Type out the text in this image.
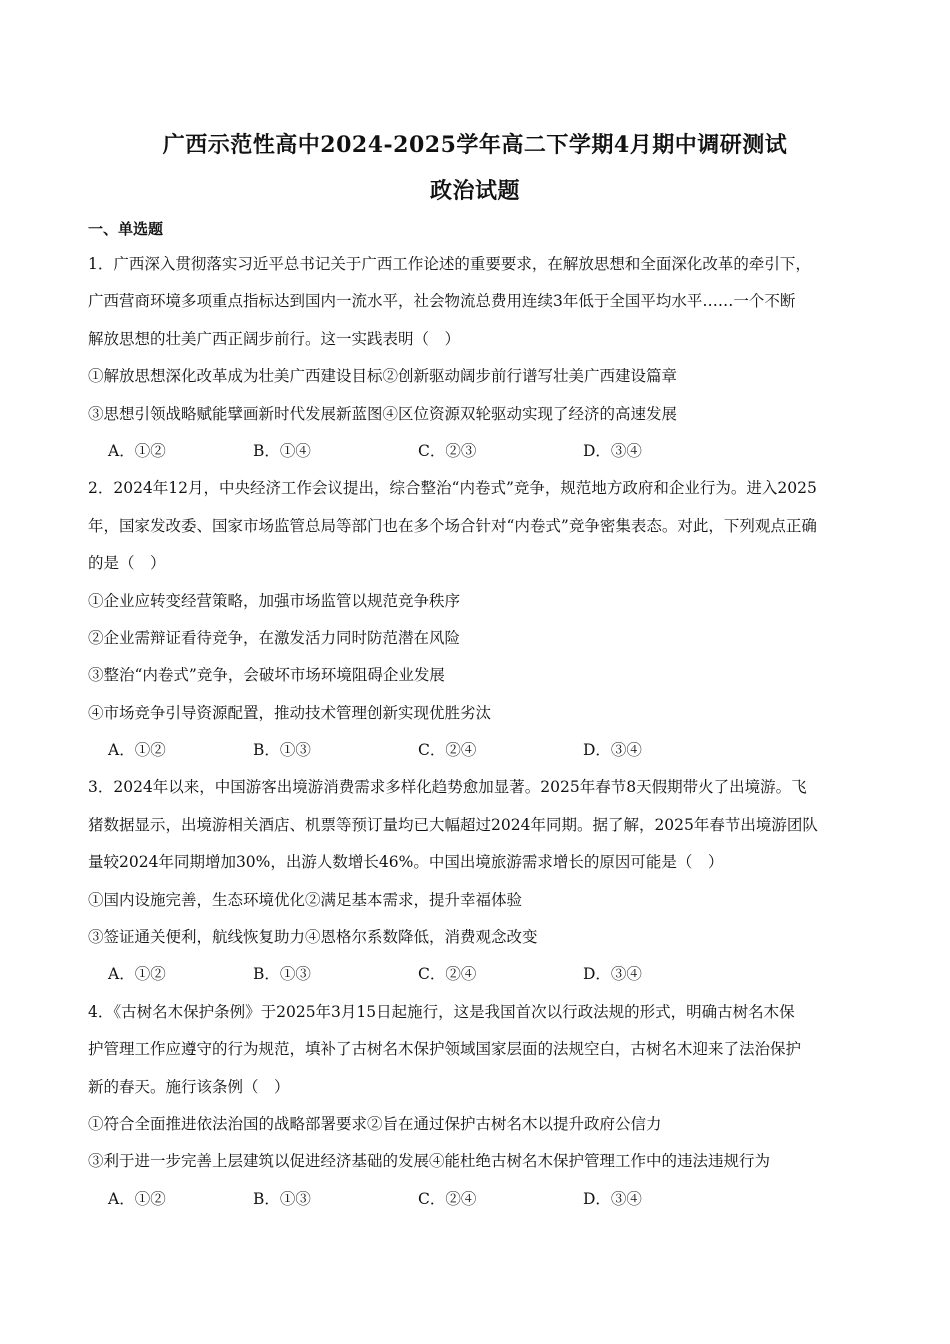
广西示范性高中2024-2025学年高二下学期4月期中调研测试
政治试题
一、单选题
1．广西深入贯彻落实习近平总书记关于广西工作论述的重要要求，在解放思想和全面深化改革的牵引下，
广西营商环境多项重点指标达到国内一流水平，社会物流总费用连续3年低于全国平均水平……一个不断
解放思想的壮美广西正阔步前行。这一实践表明（　）
①解放思想深化改革成为壮美广西建设目标②创新驱动阔步前行谱写壮美广西建设篇章
③思想引领战略赋能擘画新时代发展新蓝图④区位资源双轮驱动实现了经济的高速发展
A．①②	B．①④	C．②③	D．③④
2．2024年12月，中央经济工作会议提出，综合整治“内卷式”竞争，规范地方政府和企业行为。进入2025
年，国家发改委、国家市场监管总局等部门也在多个场合针对“内卷式”竞争密集表态。对此，下列观点正确
的是（　）
①企业应转变经营策略，加强市场监管以规范竞争秩序
②企业需辩证看待竞争，在激发活力同时防范潜在风险
③整治“内卷式”竞争，会破坏市场环境阻碍企业发展
④市场竞争引导资源配置，推动技术管理创新实现优胜劣汰
A．①②	B．①③	C．②④	D．③④
3．2024年以来，中国游客出境游消费需求多样化趋势愈加显著。2025年春节8天假期带火了出境游。飞
猪数据显示，出境游相关酒店、机票等预订量均已大幅超过2024年同期。据了解，2025年春节出境游团队
量较2024年同期增加30%，出游人数增长46%。中国出境旅游需求增长的原因可能是（　）
①国内设施完善，生态环境优化②满足基本需求，提升幸福体验
③签证通关便利，航线恢复助力④恩格尔系数降低，消费观念改变
A．①②	B．①③	C．②④	D．③④
4．《古树名木保护条例》于2025年3月15日起施行，这是我国首次以行政法规的形式，明确古树名木保
护管理工作应遵守的行为规范，填补了古树名木保护领域国家层面的法规空白，古树名木迎来了法治保护
新的春天。施行该条例（　）
①符合全面推进依法治国的战略部署要求②旨在通过保护古树名木以提升政府公信力
③利于进一步完善上层建筑以促进经济基础的发展④能杜绝古树名木保护管理工作中的违法违规行为
A．①②	B．①③	C．②④	D．③④
